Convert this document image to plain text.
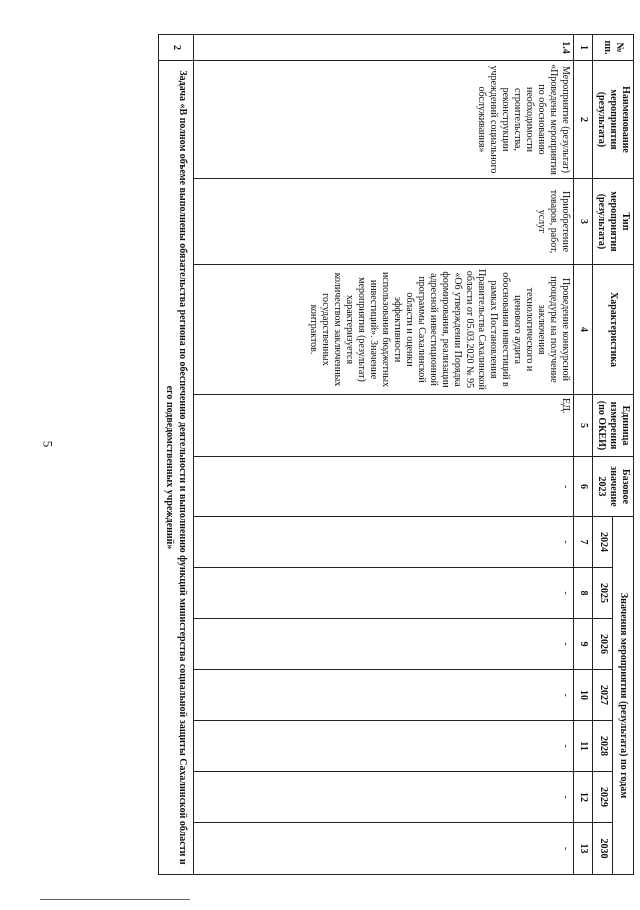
5
№ пп.	Наименование мероприятия (результата)	Тип мероприятия (результата)	Характеристика	Единица измерения (по ОКЕИ)	Базовое значение 2023	Значения мероприятия (результата) по годам						
						2024	2025	2026	2027	2028	2029	2030
1	2	3	4	5	6	7	8	9	10	11	12	13
1.4	Мероприятие (результат) «Проведены мероприятия по обоснованию необходимости строительства, реконструкции учреждений социального обслуживания»	Приобретение товаров, работ, услуг	Проведение конкурсной процедуры на получение заключения технологического и ценового аудита обоснования инвестиций в рамках Постановления Правительства Сахалинской области от 05.03.2020 № 95 «Об утверждении Порядка формирования, реализации адресной инвестиционной программы Сахалинской области и оценки эффективности использования бюджетных инвестиций». Значение мероприятия (результат) характеризуется количеством заключенных государственных контрактов.	ЕД.	-	-	-	-	-	-	-	-
2	Задача «В полном объеме выполнены обязательства региона по обеспечению деятельности и выполнению функций министерства социальной защиты Сахалинской области и его подведомственных учреждений»											
